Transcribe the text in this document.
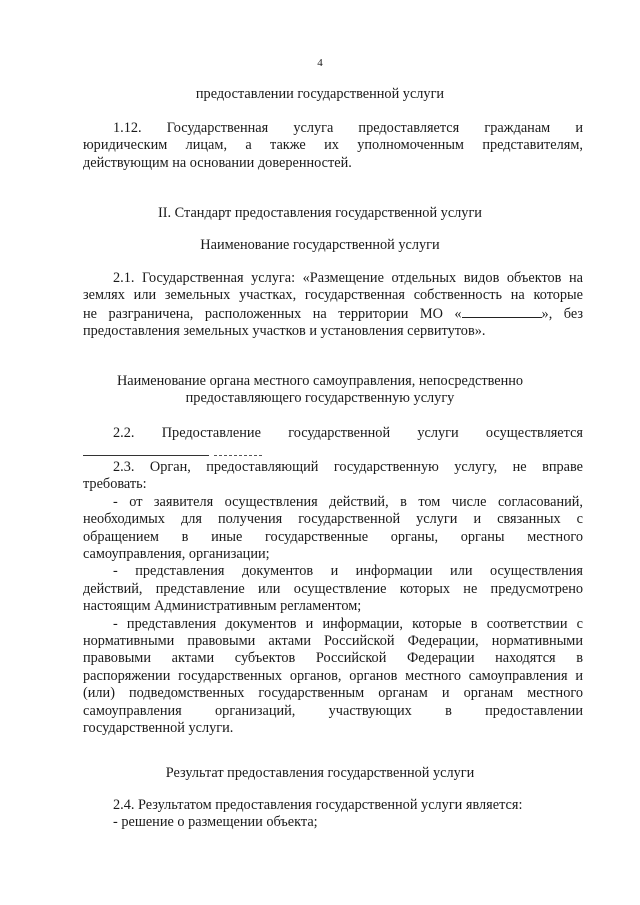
4
предоставлении государственной услуги
1.12. Государственная услуга предоставляется гражданам и
юридическим лицам, а также их уполномоченным представителям,
действующим на основании доверенностей.
II. Стандарт предоставления государственной услуги
Наименование государственной услуги
2.1. Государственная услуга: «Размещение отдельных видов объектов на
землях или земельных участках, государственная собственность на которые
не разграничена, расположенных на территории МО «	», без
предоставления земельных участков и установления сервитутов».
Наименование органа местного самоуправления, непосредственно
предоставляющего государственную услугу
2.2. Предоставление государственной услуги осуществляется
2.3. Орган, предоставляющий государственную услугу, не вправе
требовать:
- от заявителя осуществления действий, в том числе согласований,
необходимых для получения государственной услуги и связанных с
обращением в иные государственные органы, органы местного
самоуправления, организации;
- представления документов и информации или осуществления
действий, представление или осуществление которых не предусмотрено
настоящим Административным регламентом;
- представления документов и информации, которые в соответствии с
нормативными правовыми актами Российской Федерации, нормативными
правовыми актами субъектов Российской Федерации находятся в
распоряжении государственных органов, органов местного самоуправления и
(или) подведомственных государственным органам и органам местного
самоуправления организаций, участвующих в предоставлении
государственной услуги.
Результат предоставления государственной услуги
2.4. Результатом предоставления государственной услуги является:
- решение о размещении объекта;
